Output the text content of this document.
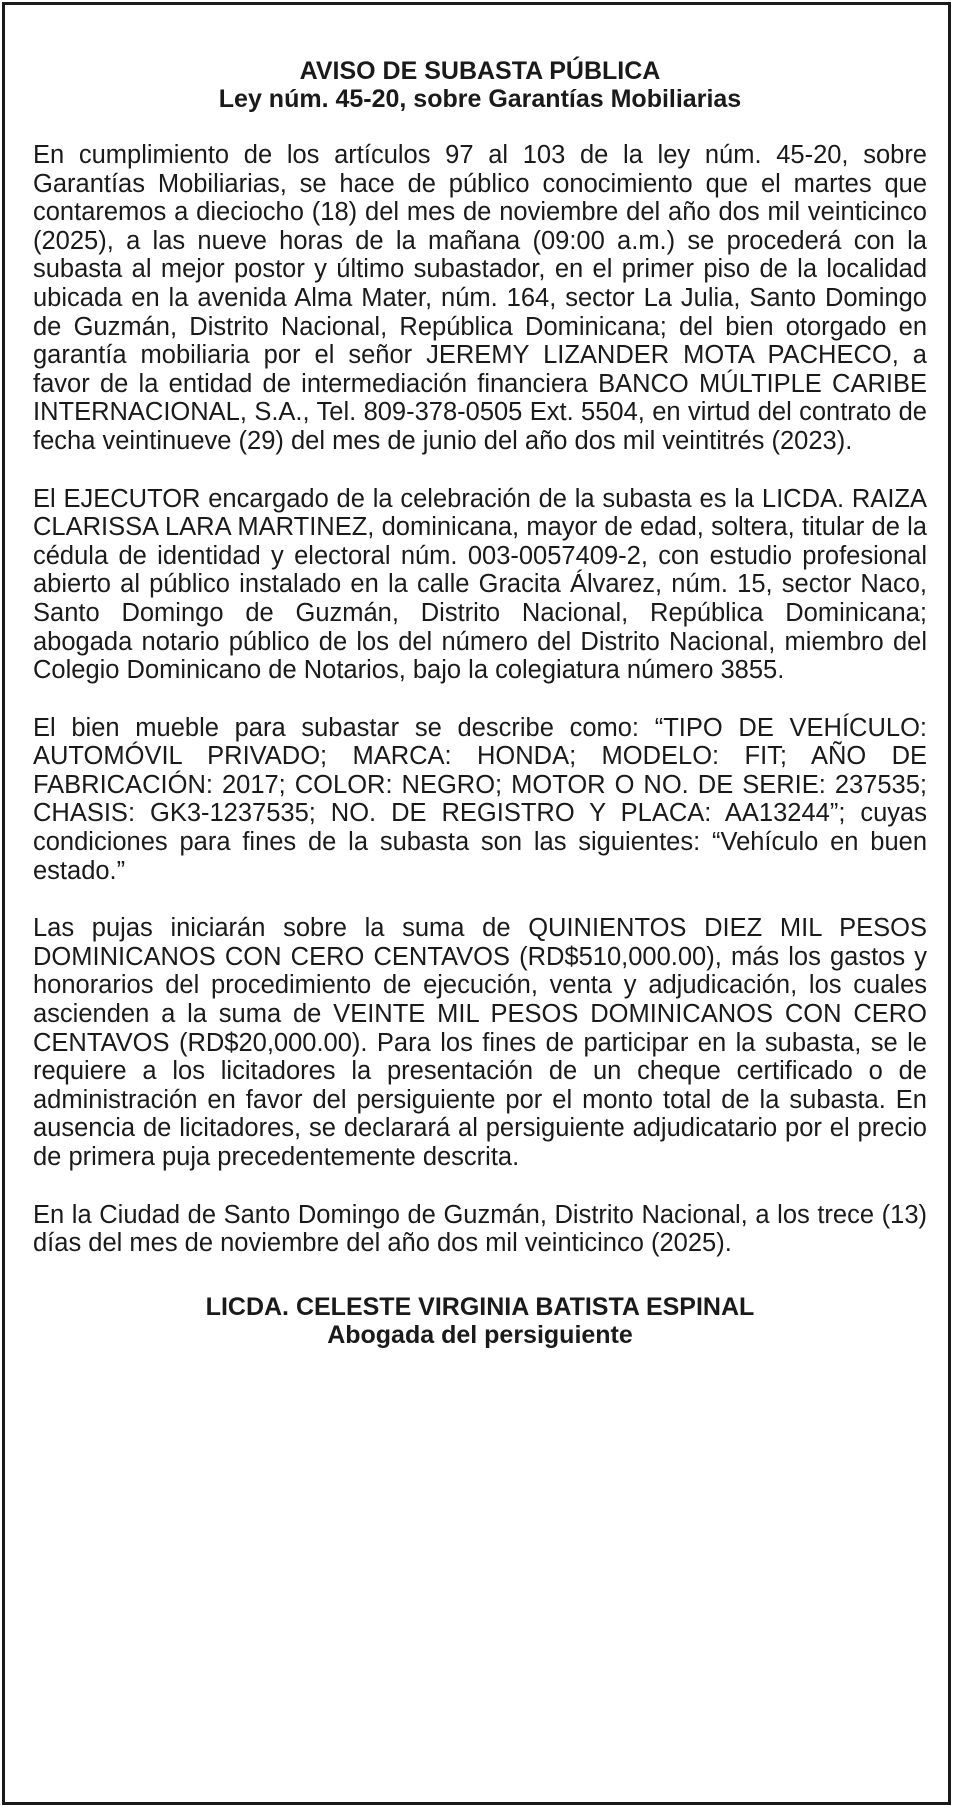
AVISO DE SUBASTA PÚBLICA
Ley núm. 45-20, sobre Garantías Mobiliarias

En cumplimiento de los artículos 97 al 103 de la ley núm. 45-20, sobre Garantías Mobiliarias, se hace de público conocimiento que el martes que contaremos a dieciocho (18) del mes de noviembre del año dos mil veinticinco (2025), a las nueve horas de la mañana (09:00 a.m.) se procederá con la subasta al mejor postor y último subastador, en el primer piso de la localidad ubicada en la avenida Alma Mater, núm. 164, sector La Julia, Santo Domingo de Guzmán, Distrito Nacional, República Dominicana; del bien otorgado en garantía mobiliaria por el señor JEREMY LIZANDER MOTA PACHECO, a favor de la entidad de intermediación financiera BANCO MÚLTIPLE CARIBE INTERNACIONAL, S.A., Tel. 809-378-0505 Ext. 5504, en virtud del contrato de fecha veintinueve (29) del mes de junio del año dos mil veintitrés (2023).

El EJECUTOR encargado de la celebración de la subasta es la LICDA. RAIZA CLARISSA LARA MARTINEZ, dominicana, mayor de edad, soltera, titular de la cédula de identidad y electoral núm. 003-0057409-2, con estudio profesional abierto al público instalado en la calle Gracita Álvarez, núm. 15, sector Naco, Santo Domingo de Guzmán, Distrito Nacional, República Dominicana; abogada notario público de los del número del Distrito Nacional, miembro del Colegio Dominicano de Notarios, bajo la colegiatura número 3855.

El bien mueble para subastar se describe como: “TIPO DE VEHÍCULO: AUTOMÓVIL PRIVADO; MARCA: HONDA; MODELO: FIT; AÑO DE FABRICACIÓN: 2017; COLOR: NEGRO; MOTOR O NO. DE SERIE: 237535; CHASIS: GK3-1237535; NO. DE REGISTRO Y PLACA: AA13244”; cuyas condiciones para fines de la subasta son las siguientes: “Vehículo en buen estado.”

Las pujas iniciarán sobre la suma de QUINIENTOS DIEZ MIL PESOS DOMINICANOS CON CERO CENTAVOS (RD$510,000.00), más los gastos y honorarios del procedimiento de ejecución, venta y adjudicación, los cuales ascienden a la suma de VEINTE MIL PESOS DOMINICANOS CON CERO CENTAVOS (RD$20,000.00). Para los fines de participar en la subasta, se le requiere a los licitadores la presentación de un cheque certificado o de administración en favor del persiguiente por el monto total de la subasta. En ausencia de licitadores, se declarará al persiguiente adjudicatario por el precio de primera puja precedentemente descrita.

En la Ciudad de Santo Domingo de Guzmán, Distrito Nacional, a los trece (13) días del mes de noviembre del año dos mil veinticinco (2025).

LICDA. CELESTE VIRGINIA BATISTA ESPINAL
Abogada del persiguiente
